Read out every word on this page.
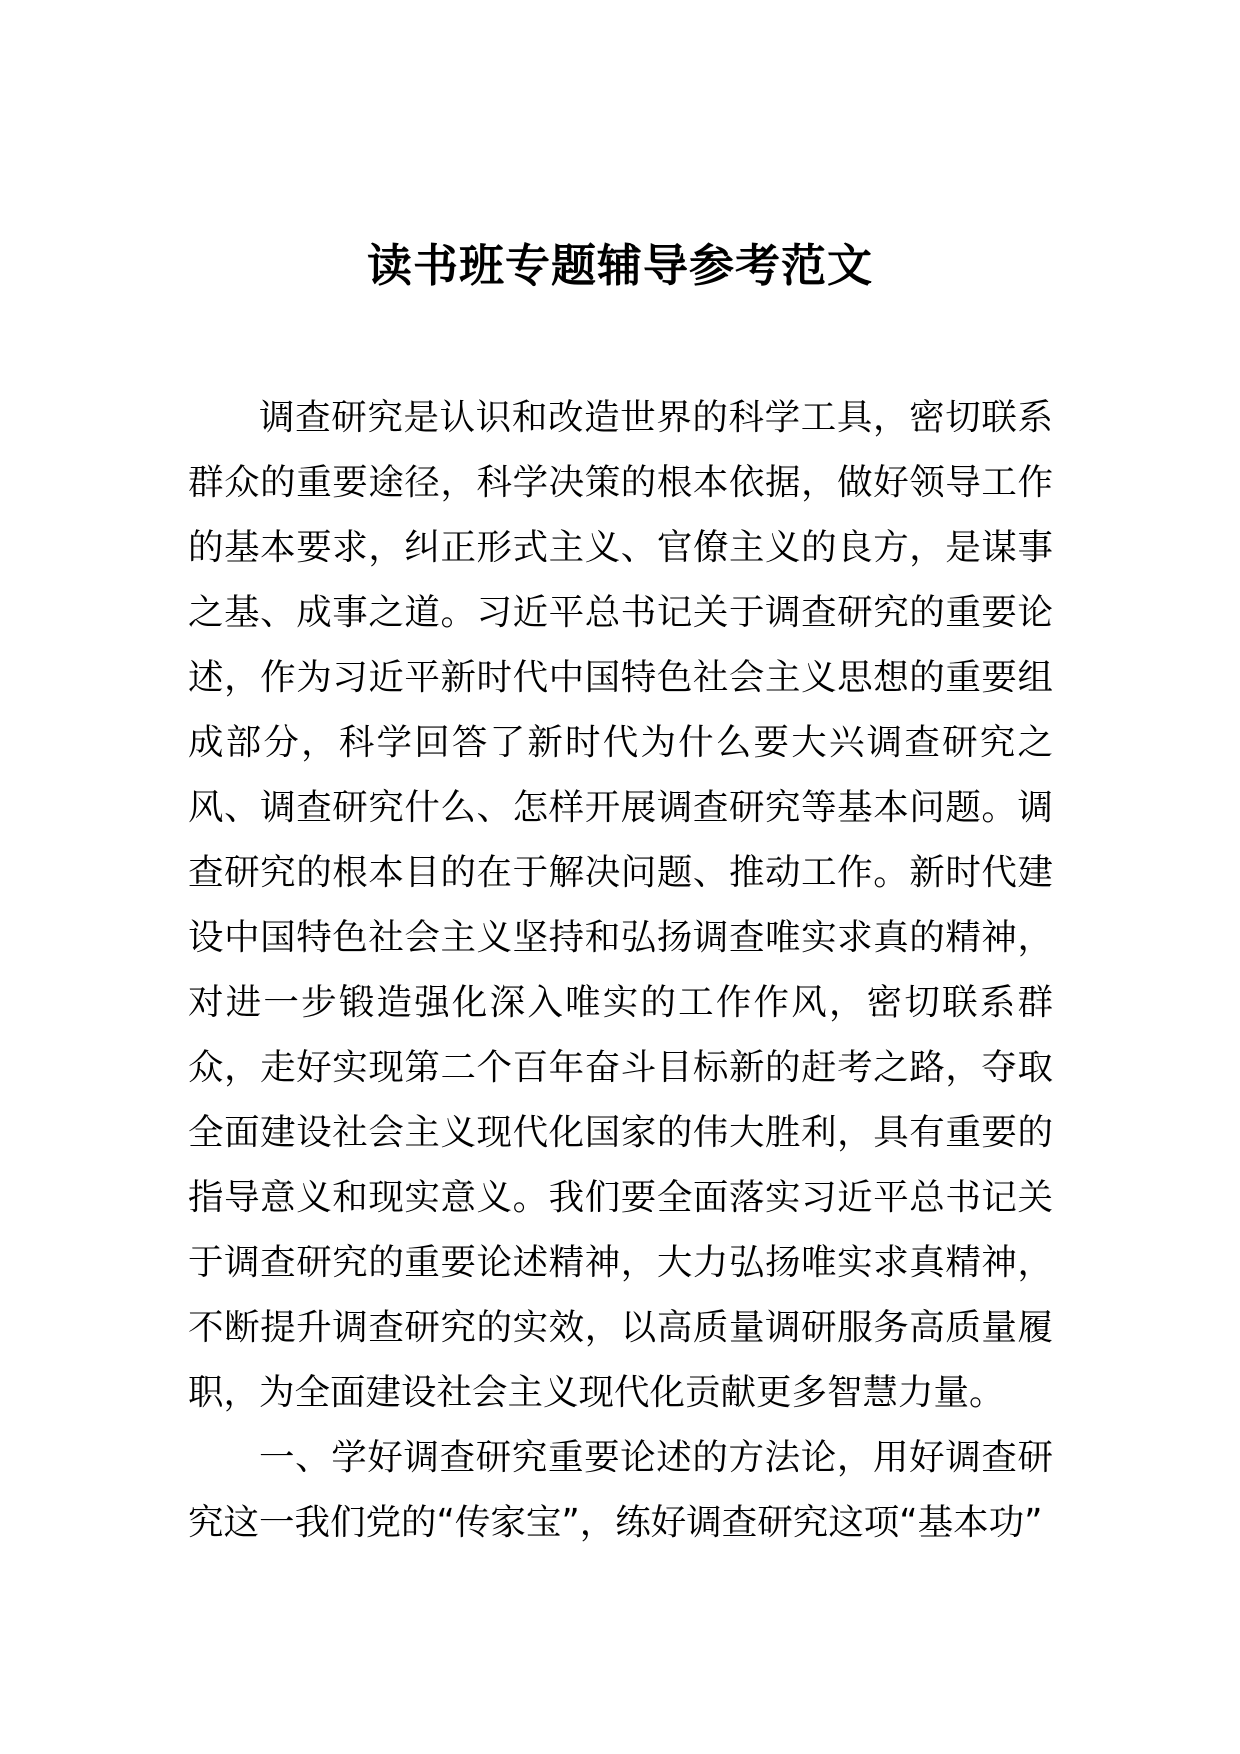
读书班专题辅导参考范文

调查研究是认识和改造世界的科学工具，密切联系群众的重要途径，科学决策的根本依据，做好领导工作的基本要求，纠正形式主义、官僚主义的良方，是谋事之基、成事之道。习近平总书记关于调查研究的重要论述，作为习近平新时代中国特色社会主义思想的重要组成部分，科学回答了新时代为什么要大兴调查研究之风、调查研究什么、怎样开展调查研究等基本问题。调查研究的根本目的在于解决问题、推动工作。新时代建设中国特色社会主义坚持和弘扬调查唯实求真的精神，对进一步锻造强化深入唯实的工作作风，密切联系群众，走好实现第二个百年奋斗目标新的赶考之路，夺取全面建设社会主义现代化国家的伟大胜利，具有重要的指导意义和现实意义。我们要全面落实习近平总书记关于调查研究的重要论述精神，大力弘扬唯实求真精神，不断提升调查研究的实效，以高质量调研服务高质量履职，为全面建设社会主义现代化贡献更多智慧力量。

一、学好调查研究重要论述的方法论，用好调查研究这一我们党的“传家宝”，练好调查研究这项“基本功”
